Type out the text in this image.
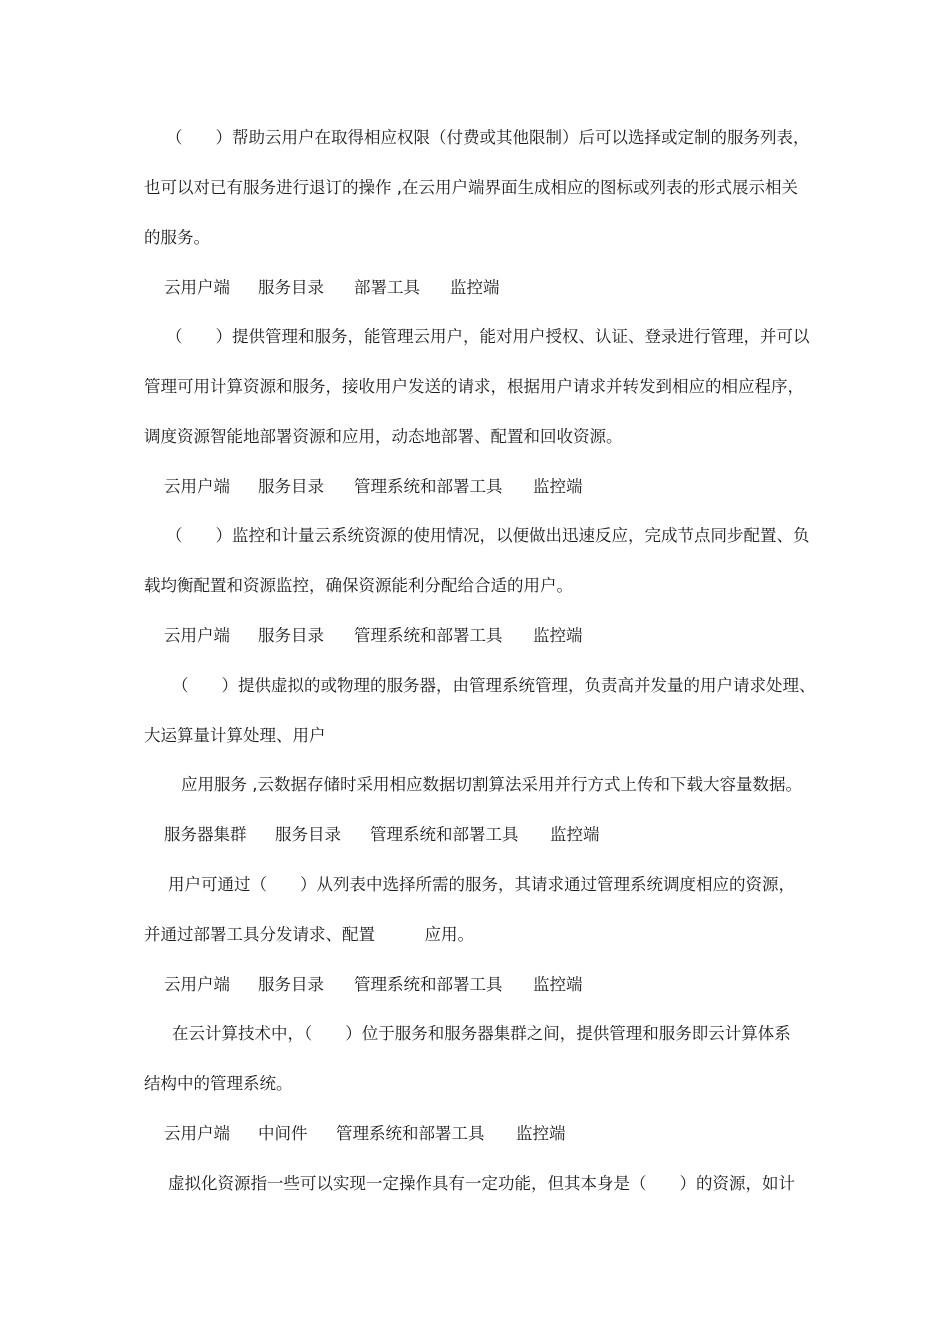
（　　）帮助云用户在取得相应权限（付费或其他限制）后可以选择或定制的服务列表，
也可以对已有服务进行退订的操作 ,在云用户端界面生成相应的图标或列表的形式展示相关
的服务。
云用户端 服务目录 部署工具 监控端
（　　）提供管理和服务，能管理云用户，能对用户授权、认证、登录进行管理，并可以
管理可用计算资源和服务，接收用户发送的请求，根据用户请求并转发到相应的相应程序，
调度资源智能地部署资源和应用，动态地部署、配置和回收资源。
云用户端 服务目录 管理系统和部署工具 监控端
（　　）监控和计量云系统资源的使用情况，以便做出迅速反应，完成节点同步配置、负
载均衡配置和资源监控，确保资源能利分配给合适的用户。
云用户端 服务目录 管理系统和部署工具 监控端
（　　）提供虚拟的或物理的服务器，由管理系统管理，负责高并发量的用户请求处理、
大运算量计算处理、用户
应用服务 ,云数据存储时采用相应数据切割算法采用并行方式上传和下载大容量数据。
服务器集群 服务目录 管理系统和部署工具 监控端
用户可通过（　　）从列表中选择所需的服务，其请求通过管理系统调度相应的资源，
并通过部署工具分发请求、配置　　　应用。
云用户端 服务目录 管理系统和部署工具 监控端
在云计算技术中，（　　）位于服务和服务器集群之间，提供管理和服务即云计算体系
结构中的管理系统。
云用户端 中间件 管理系统和部署工具 监控端
虚拟化资源指一些可以实现一定操作具有一定功能，但其本身是（　　）的资源，如计
